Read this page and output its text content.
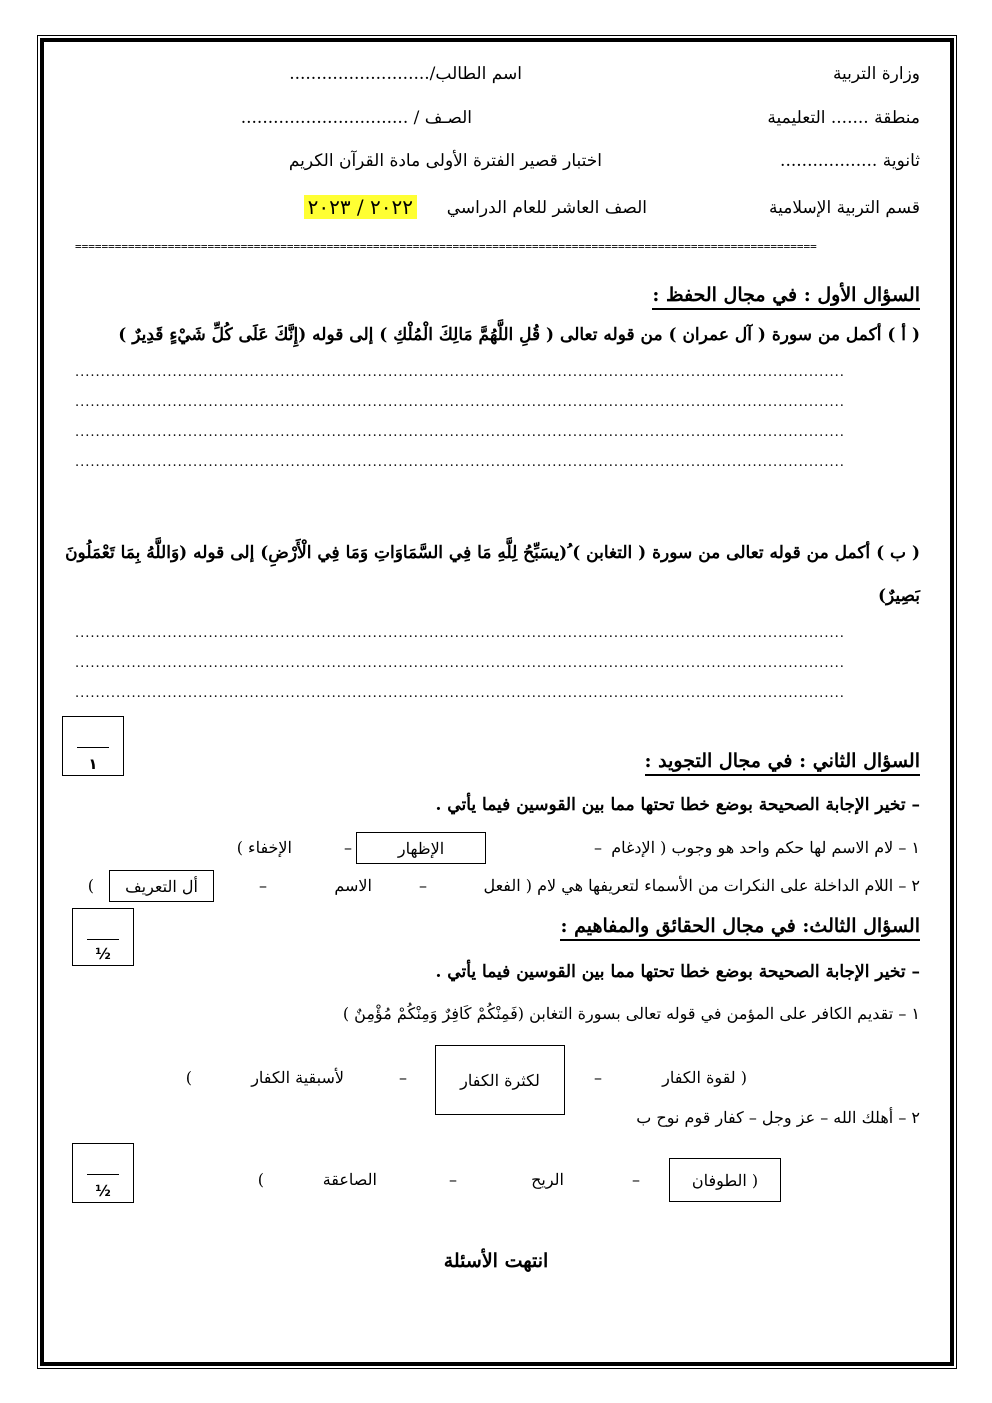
وزارة التربية
اسم الطالب/..........................
منطقة ....... التعليمية
الصـف / ...............................
ثانوية ..................
اختبار قصير الفترة الأولى مادة القرآن الكريم
قسم التربية الإسلامية
الصف العاشر للعام الدراسي
٢٠٢٢ / ٢٠٢٣
================================================================================================================
السؤال الأول : في مجال الحفظ :
( أ ) أكمل من سورة ( آل عمران ) من قوله تعالى ( قُلِ اللَّهُمَّ مَالِكَ الْمُلْكِ ) إلى قوله (إِنَّكَ عَلَى كُلِّ شَيْءٍ قَدِيرٌ )
......................................................................................................................................................
......................................................................................................................................................
......................................................................................................................................................
......................................................................................................................................................
( ب ) أكمل من قوله تعالى من سورة ( التغابن ) ُ(يسَبِّحُ لِلَّهِ مَا فِي السَّمَاوَاتِ وَمَا فِي الْأَرْضِ) إلى قوله (وَاللَّهُ بِمَا تَعْمَلُونَ
بَصِيرٌ)
......................................................................................................................................................
......................................................................................................................................................
......................................................................................................................................................
١	السؤال الثاني : في مجال التجويد :
– تخير الإجابة الصحيحة بوضع خطا تحتها مما بين القوسين فيما يأتي .
١ – لام الاسم لها حكم واحد هو وجوب ( الإدغام
–
الإظهار
–
الإخفاء )
٢ – اللام الداخلة على النكرات من الأسماء لتعريفها هي لام ( الفعل
–
الاسم
–
أل التعريف
)
½
السؤال الثالث: في مجال الحقائق والمفاهيم :
– تخير الإجابة الصحيحة بوضع خطا تحتها مما بين القوسين فيما يأتي .
١ – تقديم الكافر على المؤمن في قوله تعالى بسورة التغابن (فَمِنْكُمْ كَافِرٌ وَمِنْكُمْ مُؤْمِنٌ )
( لقوة الكفار
–
لكثرة الكفار
–
لأسبقية الكفار
)
٢ – أهلك الله – عز وجل – كفار قوم نوح ب
( الطوفان
–
الريح
–
الصاعقة
)
½
انتهت الأسئلة
